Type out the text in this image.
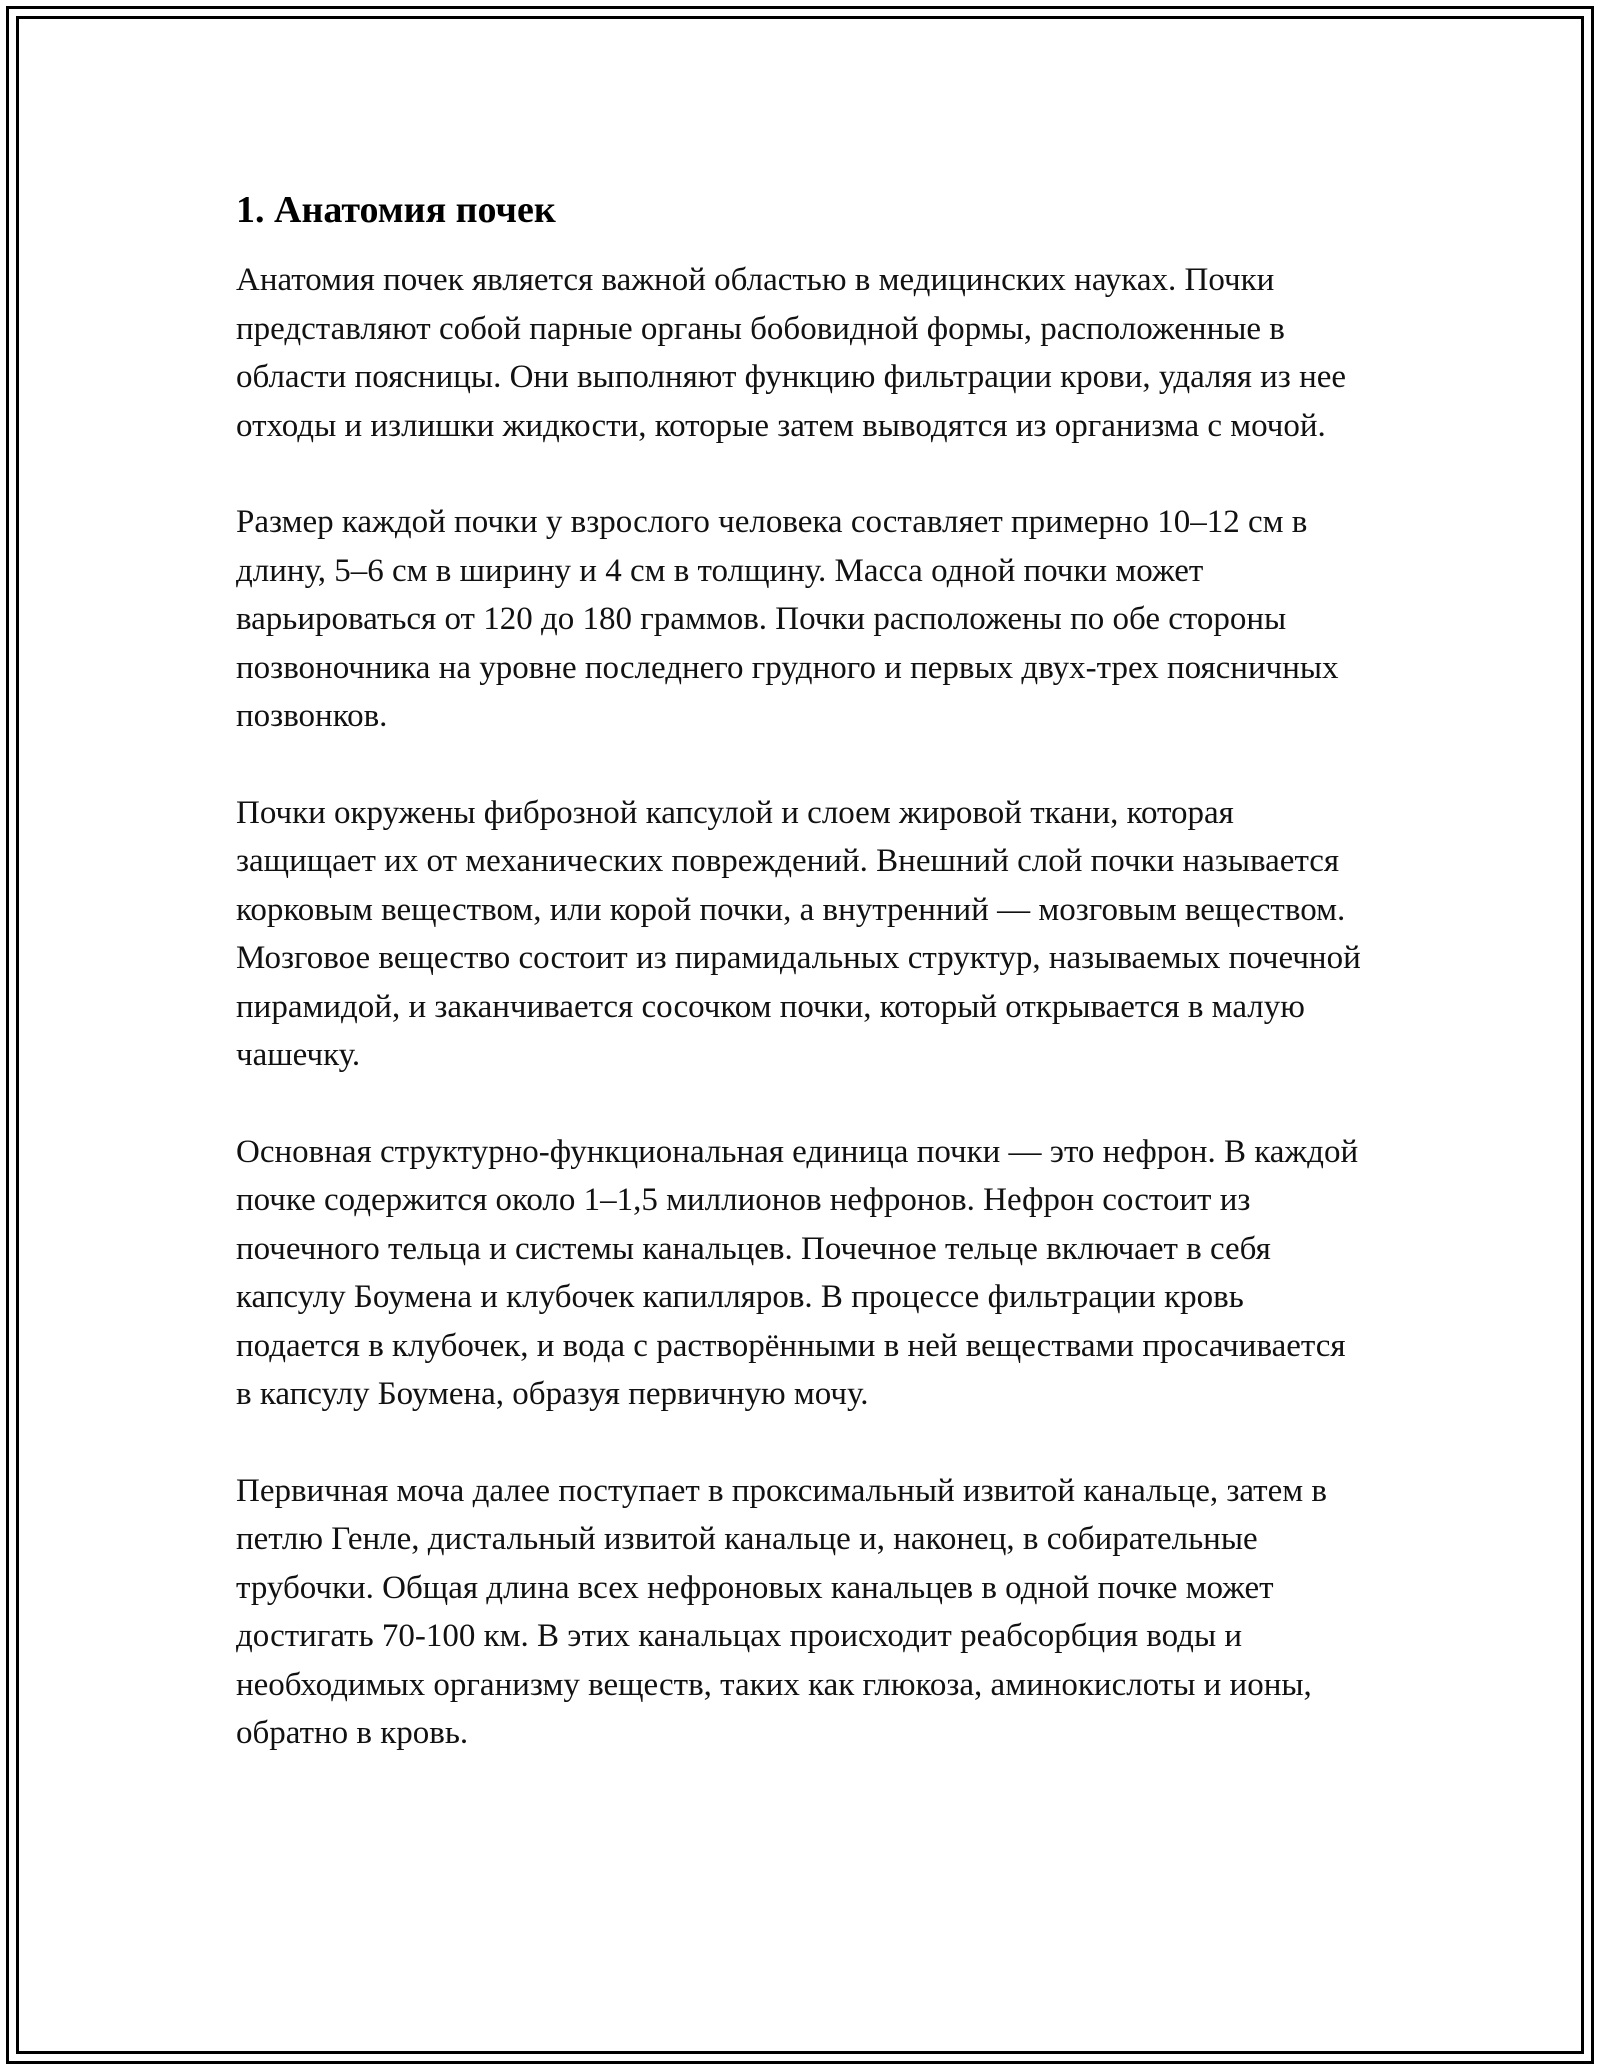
1. Анатомия почек

Анатомия почек является важной областью в медицинских науках. Почки представляют собой парные органы бобовидной формы, расположенные в области поясницы. Они выполняют функцию фильтрации крови, удаляя из нее отходы и излишки жидкости, которые затем выводятся из организма с мочой.

Размер каждой почки у взрослого человека составляет примерно 10–12 см в длину, 5–6 см в ширину и 4 см в толщину. Масса одной почки может варьироваться от 120 до 180 граммов. Почки расположены по обе стороны позвоночника на уровне последнего грудного и первых двух-трех поясничных позвонков.

Почки окружены фиброзной капсулой и слоем жировой ткани, которая защищает их от механических повреждений. Внешний слой почки называется корковым веществом, или корой почки, а внутренний — мозговым веществом. Мозговое вещество состоит из пирамидальных структур, называемых почечной пирамидой, и заканчивается сосочком почки, который открывается в малую чашечку.

Основная структурно-функциональная единица почки — это нефрон. В каждой почке содержится около 1–1,5 миллионов нефронов. Нефрон состоит из почечного тельца и системы канальцев. Почечное тельце включает в себя капсулу Боумена и клубочек капилляров. В процессе фильтрации кровь подается в клубочек, и вода с растворёнными в ней веществами просачивается в капсулу Боумена, образуя первичную мочу.

Первичная моча далее поступает в проксимальный извитой канальце, затем в петлю Генле, дистальный извитой канальце и, наконец, в собирательные трубочки. Общая длина всех нефроновых канальцев в одной почке может достигать 70-100 км. В этих канальцах происходит реабсорбция воды и необходимых организму веществ, таких как глюкоза, аминокислоты и ионы, обратно в кровь.
